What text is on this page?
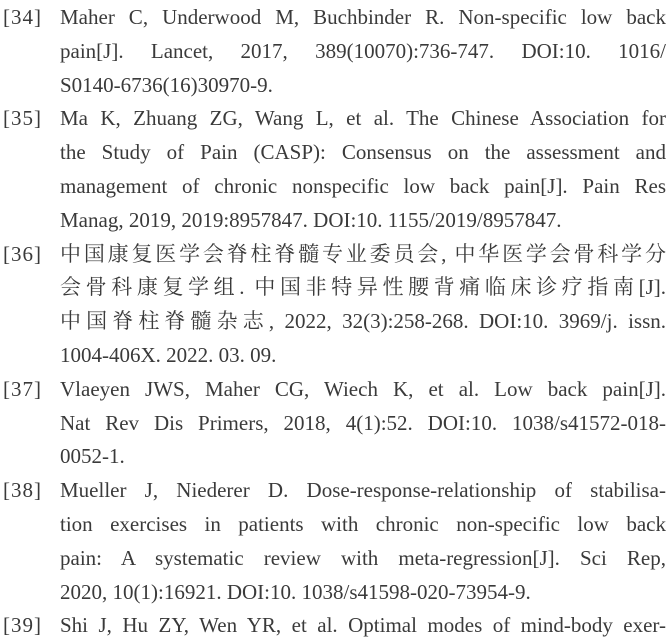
[34] Maher C, Underwood M, Buchbinder R. Non-specific low back
pain[J]. Lancet, 2017, 389(10070):736-747. DOI:10. 1016/
S0140-6736(16)30970-9.
[35] Ma K, Zhuang ZG, Wang L, et al. The Chinese Association for
the Study of Pain (CASP): Consensus on the assessment and
management of chronic nonspecific low back pain[J]. Pain Res
Manag, 2019, 2019:8957847. DOI:10. 1155/2019/8957847.
[36] 中国康复医学会脊柱脊髓专业委员会, 中华医学会骨科学分
会骨科康复学组. 中国非特异性腰背痛临床诊疗指南[J].
中国脊柱脊髓杂志, 2022, 32(3):258-268. DOI:10. 3969/j. issn.
1004-406X. 2022. 03. 09.
[37] Vlaeyen JWS, Maher CG, Wiech K, et al. Low back pain[J].
Nat Rev Dis Primers, 2018, 4(1):52. DOI:10. 1038/s41572-018-
0052-1.
[38] Mueller J, Niederer D. Dose-response-relationship of stabilisa-
tion exercises in patients with chronic non-specific low back
pain: A systematic review with meta-regression[J]. Sci Rep,
2020, 10(1):16921. DOI:10. 1038/s41598-020-73954-9.
[39] Shi J, Hu ZY, Wen YR, et al. Optimal modes of mind-body exer-
